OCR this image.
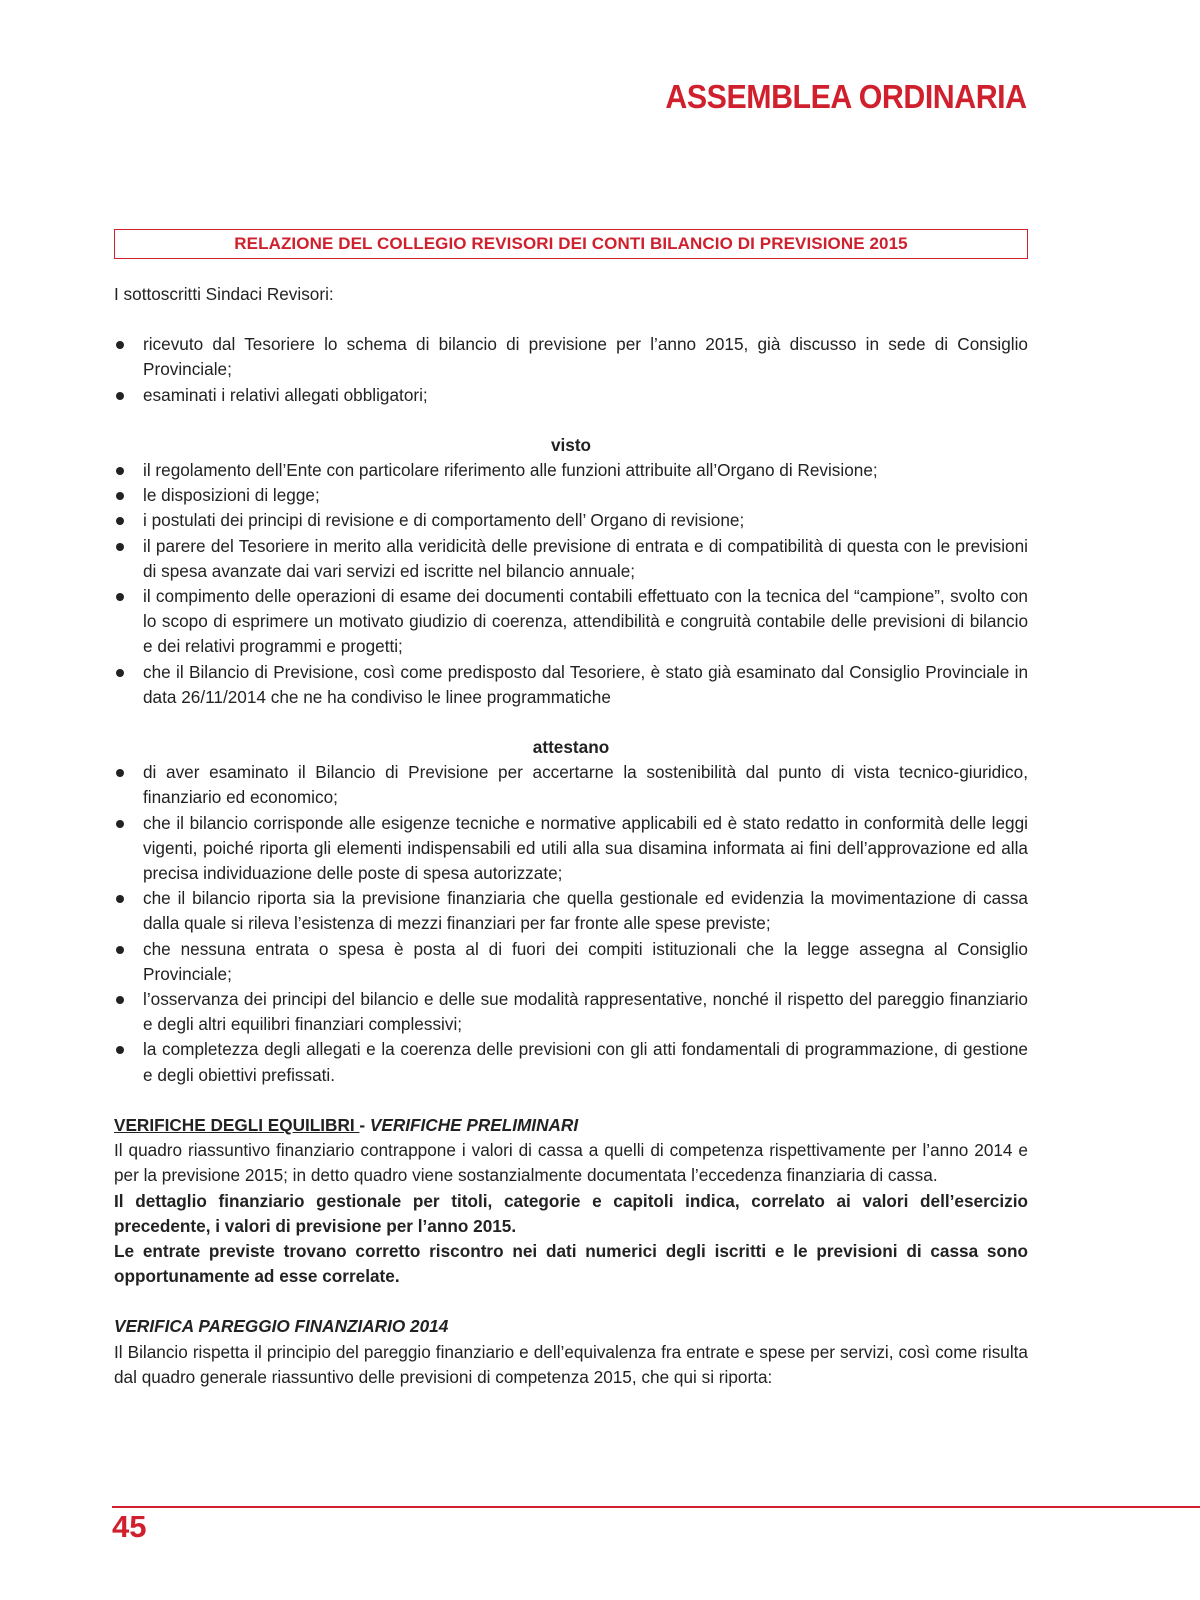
ASSEMBLEA ORDINARIA
RELAZIONE DEL COLLEGIO REVISORI DEI CONTI BILANCIO DI PREVISIONE 2015

I sottoscritti Sindaci Revisori:

ricevuto dal Tesoriere lo schema di bilancio di previsione per l’anno 2015, già discusso in sede di Consiglio Provinciale;
esaminati i relativi allegati obbligatori;

visto

il regolamento dell’Ente con particolare riferimento alle funzioni attribuite all’Organo di Revisione;
le disposizioni di legge;
i postulati dei principi di revisione e di comportamento dell’ Organo di revisione;
il parere del Tesoriere in merito alla veridicità delle previsione di entrata e di compatibilità di questa con le previsioni di spesa avanzate dai vari servizi ed iscritte nel bilancio annuale;
il compimento delle operazioni di esame dei documenti contabili effettuato con la tecnica del “campione”, svolto con lo scopo di esprimere un motivato giudizio di coerenza, attendibilità e congruità contabile delle previsioni di bilancio e dei relativi programmi e progetti;
che il Bilancio di Previsione, così come predisposto dal Tesoriere, è stato già esaminato dal Consiglio Provinciale in data 26/11/2014 che ne ha condiviso le linee programmatiche

attestano

di aver esaminato il Bilancio di Previsione per accertarne la sostenibilità dal punto di vista tecnico-giuridico, finanziario ed economico;
che il bilancio corrisponde alle esigenze tecniche e normative applicabili ed è stato redatto in conformità delle leggi vigenti, poiché riporta gli elementi indispensabili ed utili alla sua disamina informata ai fini dell’approvazione ed alla precisa individuazione delle poste di spesa autorizzate;
che il bilancio riporta sia la previsione finanziaria che quella gestionale ed evidenzia la movimentazione di cassa dalla quale si rileva l’esistenza di mezzi finanziari per far fronte alle spese previste;
che nessuna entrata o spesa è posta al di fuori dei compiti istituzionali che la legge assegna al Consiglio Provinciale;
l’osservanza dei principi del bilancio e delle sue modalità rappresentative, nonché il rispetto del pareggio finanziario e degli altri equilibri finanziari complessivi;
la completezza degli allegati e la coerenza delle previsioni con gli atti fondamentali di programmazione, di gestione e degli obiettivi prefissati.

VERIFICHE DEGLI EQUILIBRI - VERIFICHE PRELIMINARI

Il quadro riassuntivo finanziario contrappone i valori di cassa a quelli di competenza rispettivamente per l’anno 2014 e per la previsione 2015; in detto quadro viene sostanzialmente documentata l’eccedenza finanziaria di cassa.

Il dettaglio finanziario gestionale per titoli, categorie e capitoli indica, correlato ai valori dell’esercizio precedente, i valori di previsione per l’anno 2015.

Le entrate previste trovano corretto riscontro nei dati numerici degli iscritti e le previsioni di cassa sono opportunamente ad esse correlate.

VERIFICA PAREGGIO FINANZIARIO 2014

Il Bilancio rispetta il principio del pareggio finanziario e dell’equivalenza fra entrate e spese per servizi, così come risulta dal quadro generale riassuntivo delle previsioni di competenza 2015, che qui si riporta:

45
